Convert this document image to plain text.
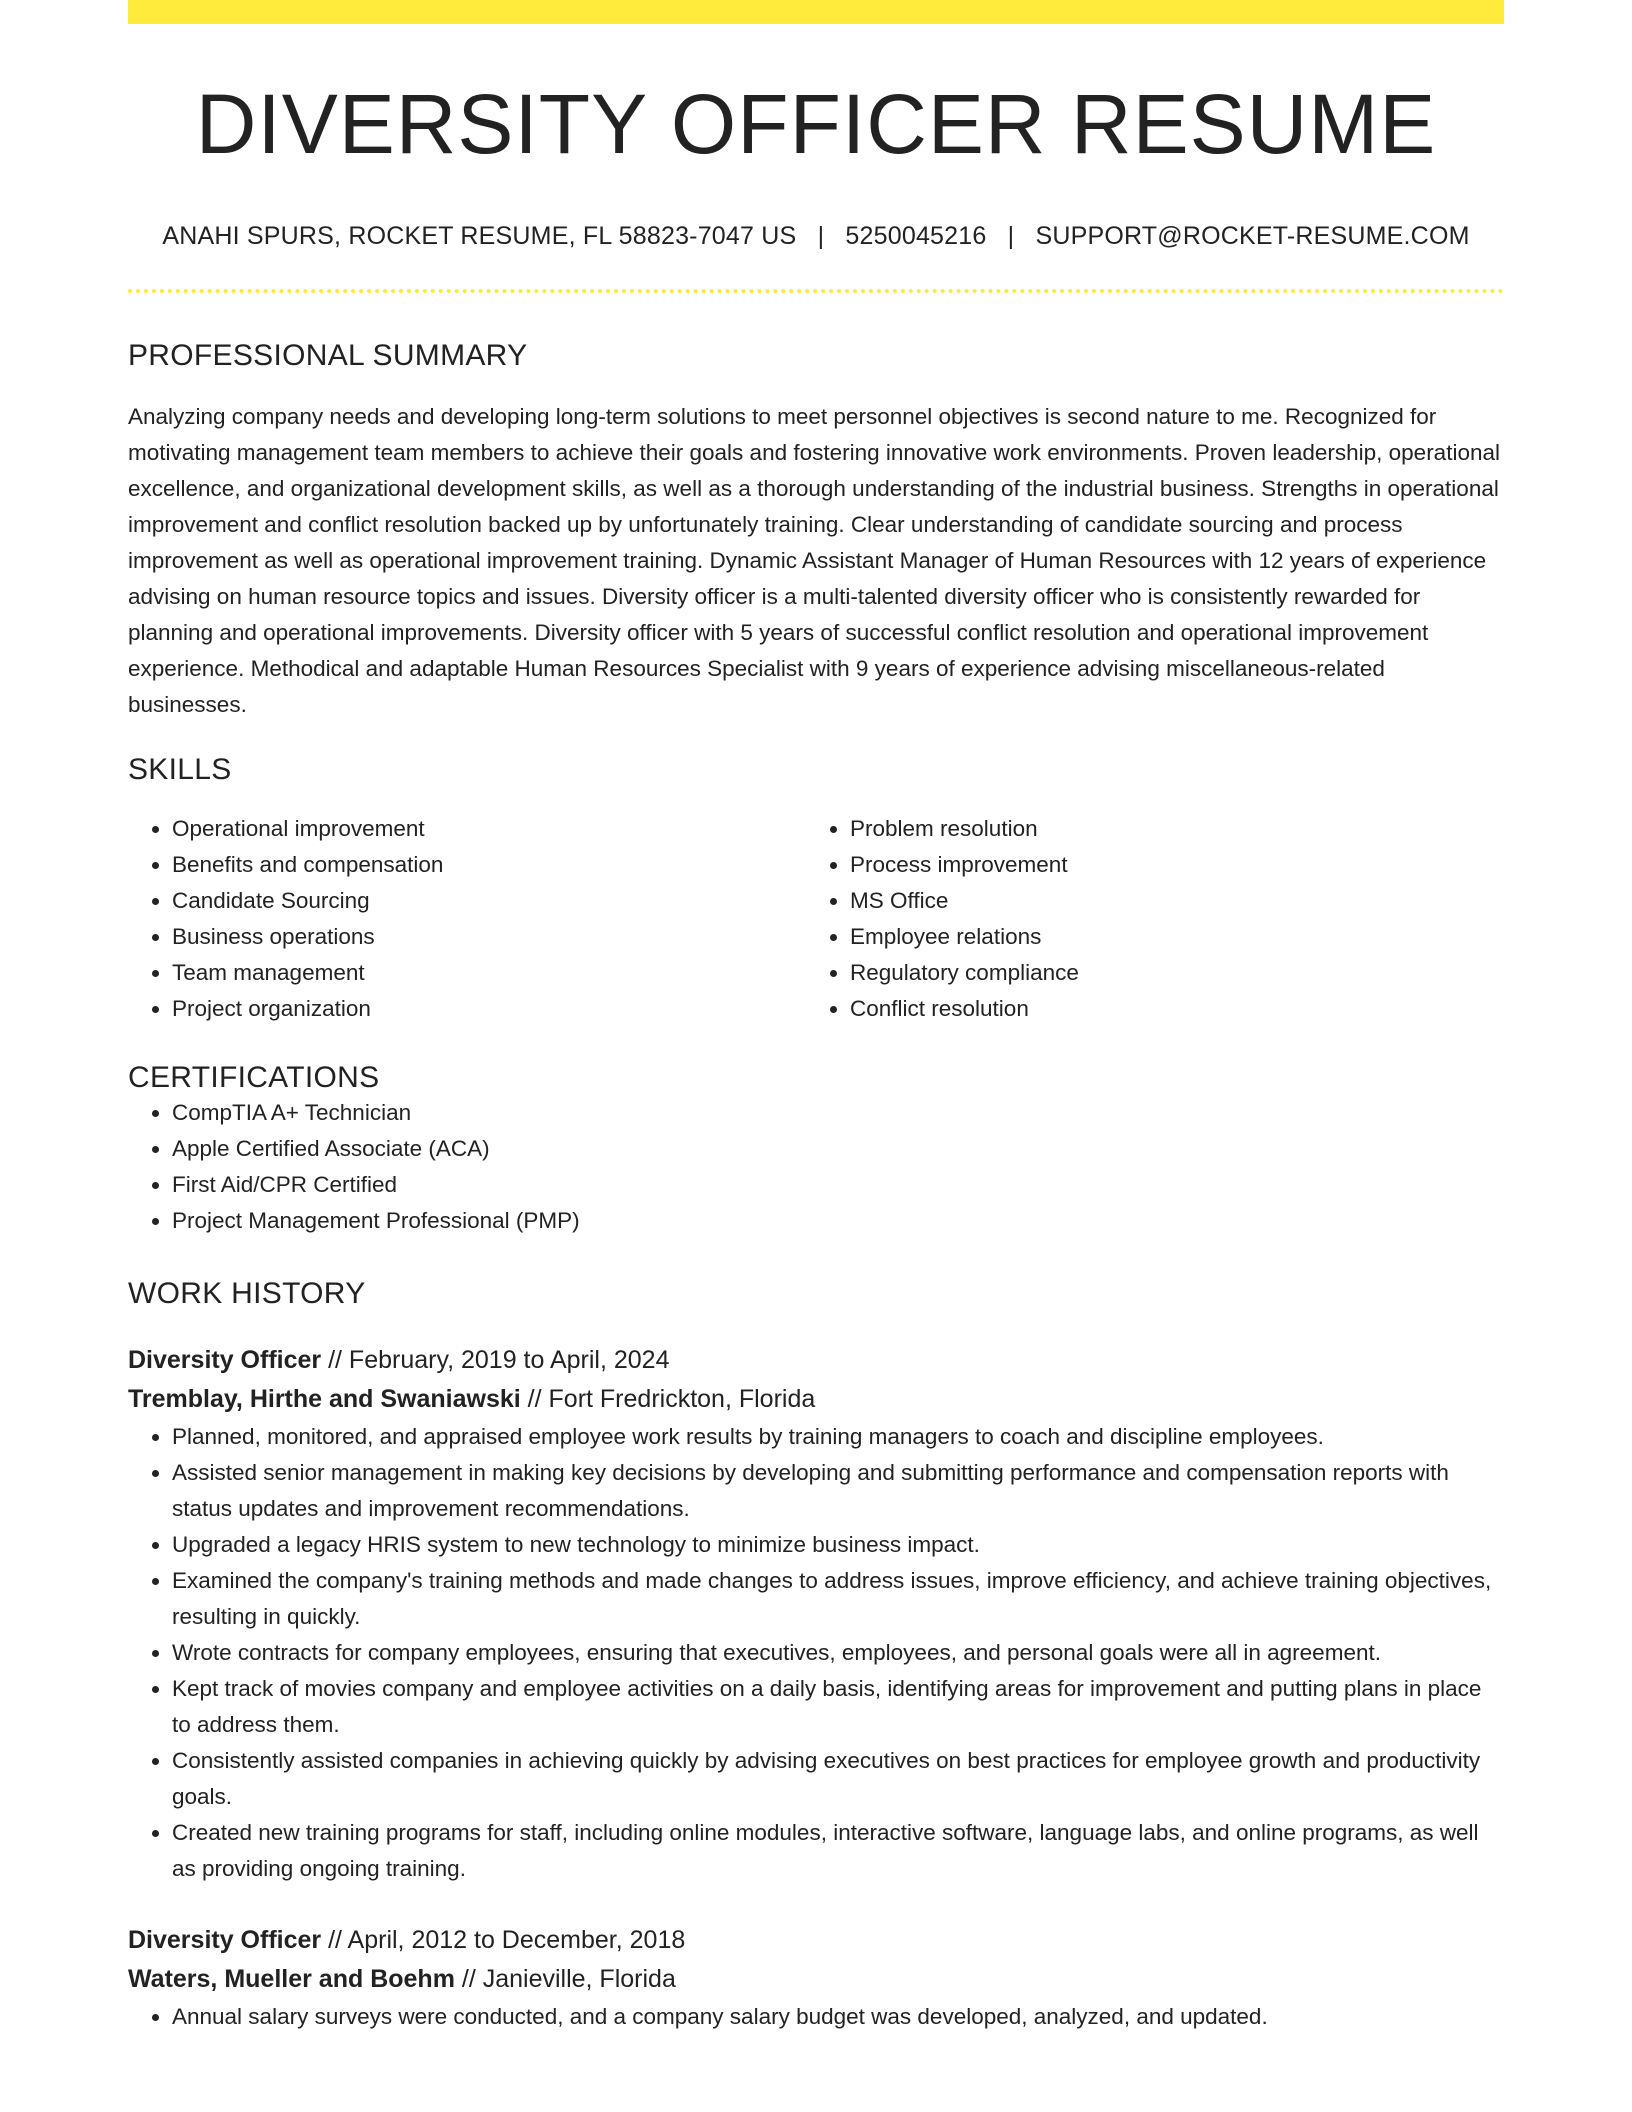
DIVERSITY OFFICER RESUME
ANAHI SPURS, ROCKET RESUME, FL 58823-7047 US | 5250045216 | SUPPORT@ROCKET-RESUME.COM
PROFESSIONAL SUMMARY
Analyzing company needs and developing long-term solutions to meet personnel objectives is second nature to me. Recognized for motivating management team members to achieve their goals and fostering innovative work environments. Proven leadership, operational excellence, and organizational development skills, as well as a thorough understanding of the industrial business. Strengths in operational improvement and conflict resolution backed up by unfortunately training. Clear understanding of candidate sourcing and process improvement as well as operational improvement training. Dynamic Assistant Manager of Human Resources with 12 years of experience advising on human resource topics and issues. Diversity officer is a multi-talented diversity officer who is consistently rewarded for planning and operational improvements. Diversity officer with 5 years of successful conflict resolution and operational improvement experience. Methodical and adaptable Human Resources Specialist with 9 years of experience advising miscellaneous-related businesses.
SKILLS
• Operational improvement
• Benefits and compensation
• Candidate Sourcing
• Business operations
• Team management
• Project organization
• Problem resolution
• Process improvement
• MS Office
• Employee relations
• Regulatory compliance
• Conflict resolution
CERTIFICATIONS
• CompTIA A+ Technician
• Apple Certified Associate (ACA)
• First Aid/CPR Certified
• Project Management Professional (PMP)
WORK HISTORY
Diversity Officer // February, 2019 to April, 2024
Tremblay, Hirthe and Swaniawski // Fort Fredrickton, Florida
• Planned, monitored, and appraised employee work results by training managers to coach and discipline employees.
• Assisted senior management in making key decisions by developing and submitting performance and compensation reports with status updates and improvement recommendations.
• Upgraded a legacy HRIS system to new technology to minimize business impact.
• Examined the company's training methods and made changes to address issues, improve efficiency, and achieve training objectives, resulting in quickly.
• Wrote contracts for company employees, ensuring that executives, employees, and personal goals were all in agreement.
• Kept track of movies company and employee activities on a daily basis, identifying areas for improvement and putting plans in place to address them.
• Consistently assisted companies in achieving quickly by advising executives on best practices for employee growth and productivity goals.
• Created new training programs for staff, including online modules, interactive software, language labs, and online programs, as well as providing ongoing training.
Diversity Officer // April, 2012 to December, 2018
Waters, Mueller and Boehm // Janieville, Florida
• Annual salary surveys were conducted, and a company salary budget was developed, analyzed, and updated.
